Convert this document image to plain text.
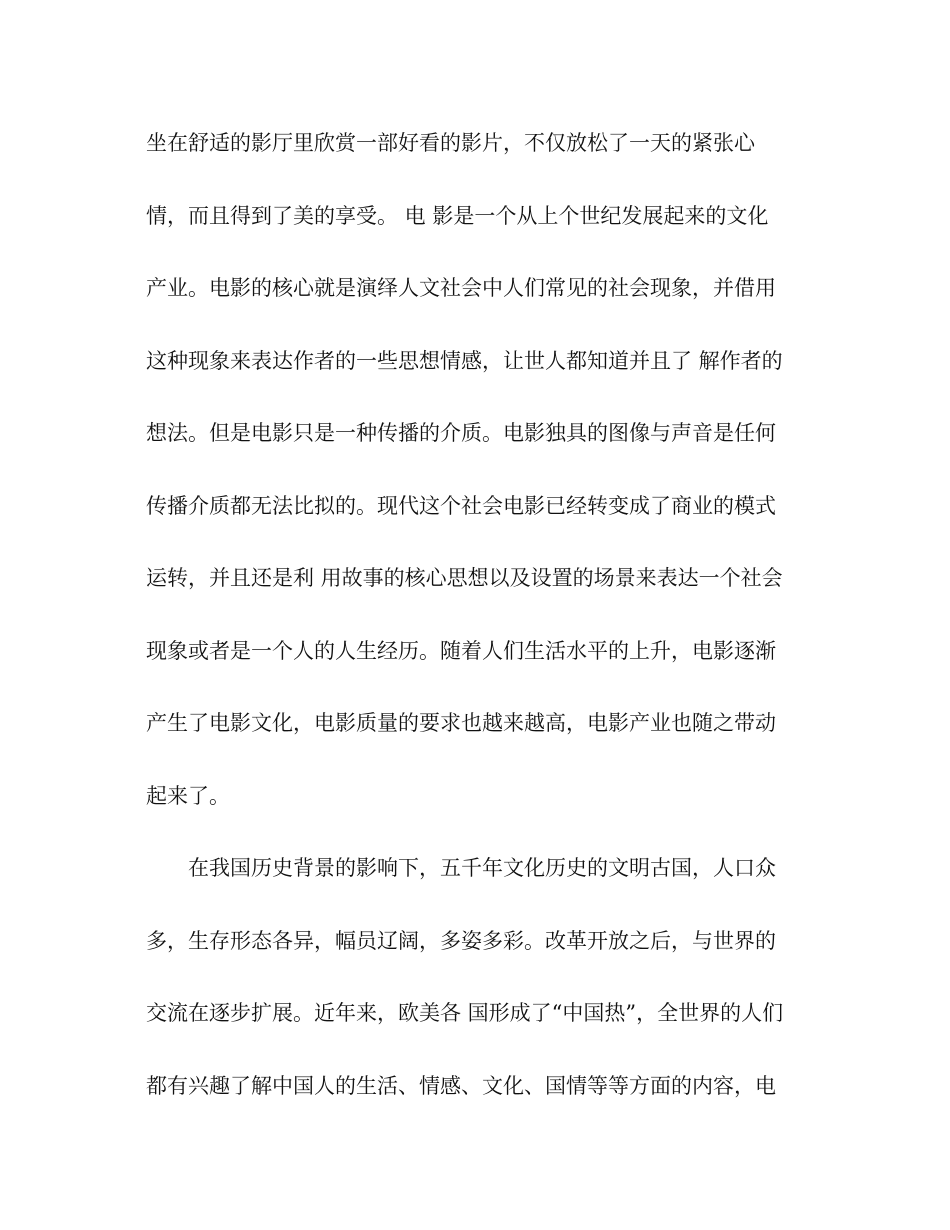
坐在舒适的影厅里欣赏一部好看的影片，不仅放松了一天的紧张心
情，而且得到了美的享受。 电 影是一个从上个世纪发展起来的文化
产业。电影的核心就是演绎人文社会中人们常见的社会现象，并借用
这种现象来表达作者的一些思想情感，让世人都知道并且了 解作者的
想法。但是电影只是一种传播的介质。电影独具的图像与声音是任何
传播介质都无法比拟的。现代这个社会电影已经转变成了商业的模式
运转，并且还是利 用故事的核心思想以及设置的场景来表达一个社会
现象或者是一个人的人生经历。随着人们生活水平的上升，电影逐渐
产生了电影文化，电影质量的要求也越来越高，电影产业也随之带动
起来了。
在我国历史背景的影响下，五千年文化历史的文明古国，人口众
多，生存形态各异，幅员辽阔，多姿多彩。改革开放之后，与世界的
交流在逐步扩展。近年来，欧美各 国形成了“中国热”，全世界的人们
都有兴趣了解中国人的生活、情感、文化、国情等等方面的内容，电
